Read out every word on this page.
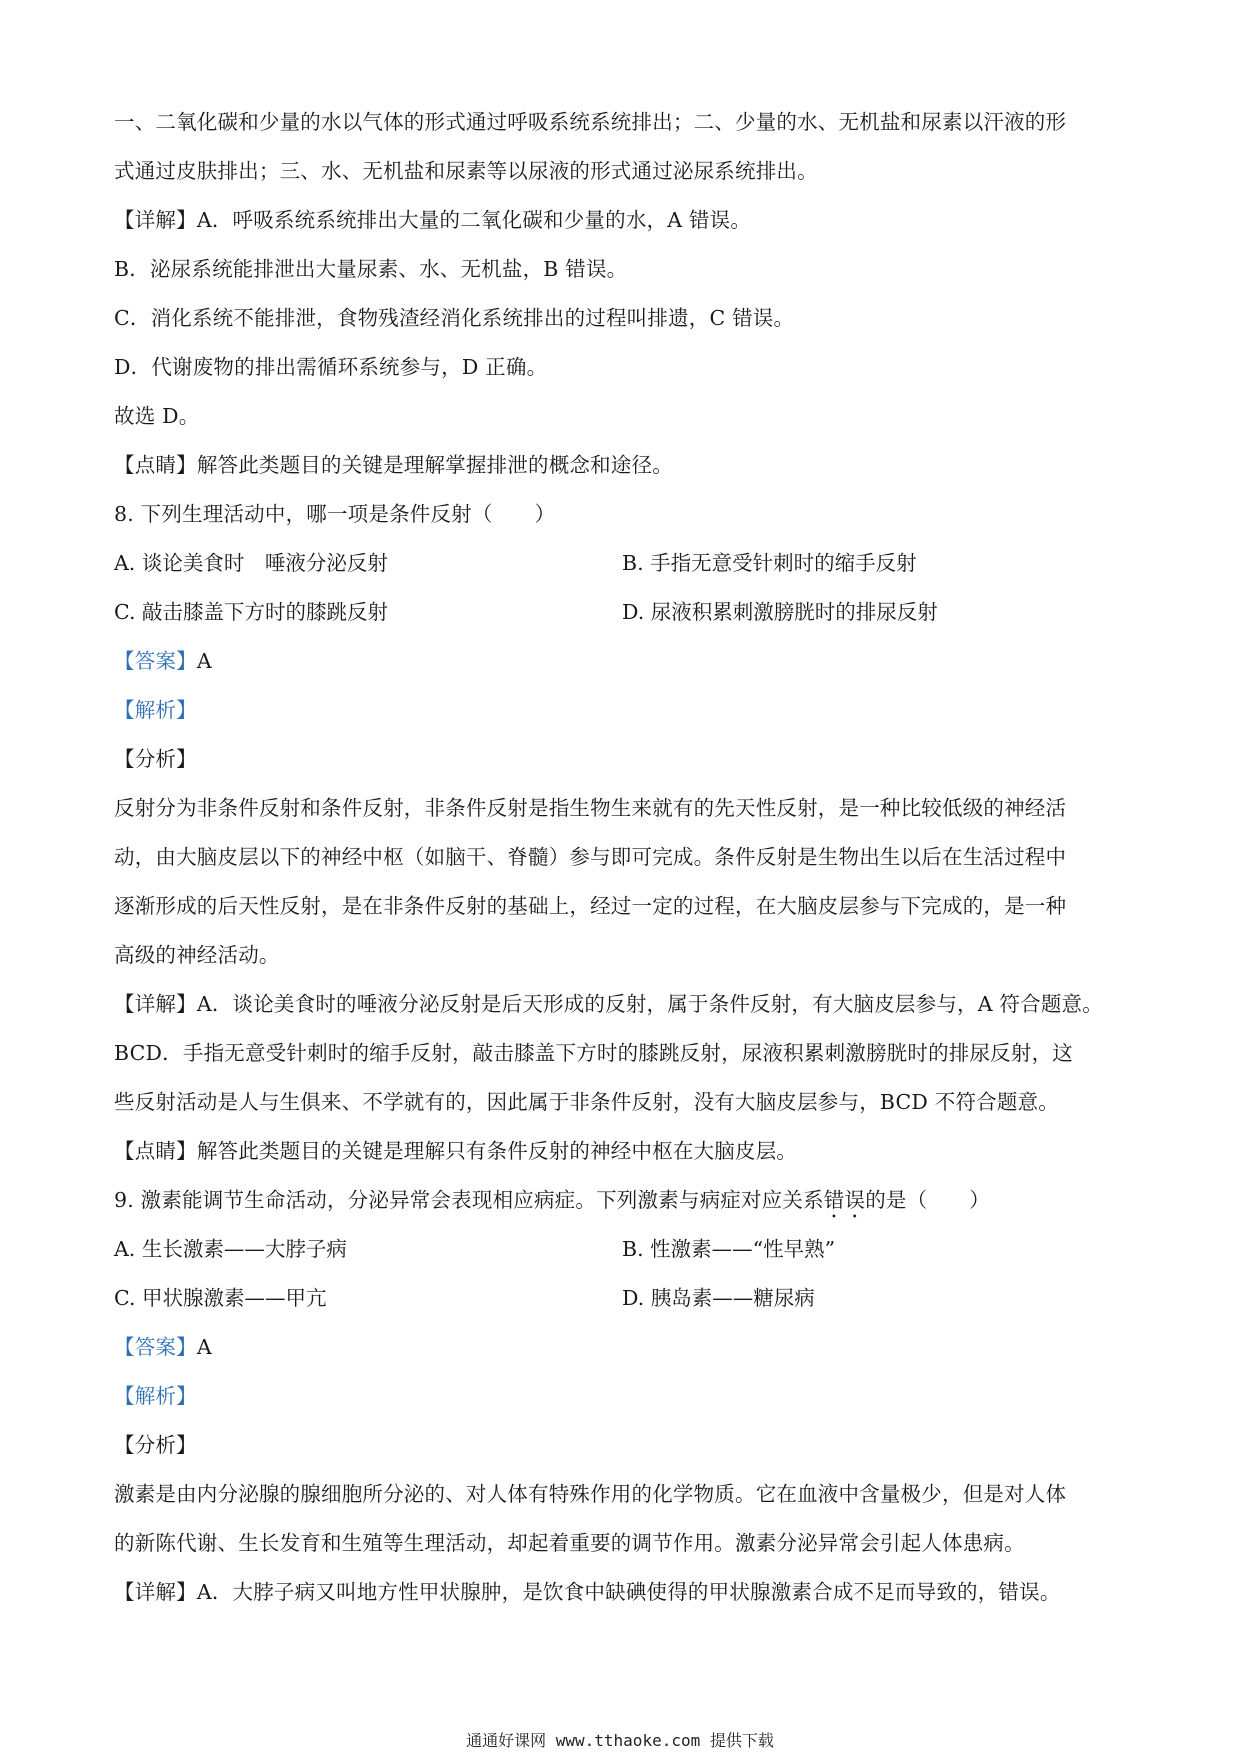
一、二氧化碳和少量的水以气体的形式通过呼吸系统系统排出；二、少量的水、无机盐和尿素以汗液的形
式通过皮肤排出；三、水、无机盐和尿素等以尿液的形式通过泌尿系统排出。
【详解】A．呼吸系统系统排出大量的二氧化碳和少量的水，A 错误。
B．泌尿系统能排泄出大量尿素、水、无机盐，B 错误。
C．消化系统不能排泄，食物残渣经消化系统排出的过程叫排遗，C 错误。
D．代谢废物的排出需循环系统参与，D 正确。
故选 D。
【点睛】解答此类题目的关键是理解掌握排泄的概念和途径。
8. 下列生理活动中，哪一项是条件反射（ ）
A. 谈论美食时　唾液分泌反射	B. 手指无意受针刺时的缩手反射
C. 敲击膝盖下方时的膝跳反射	D. 尿液积累刺激膀胱时的排尿反射
【答案】A
【解析】
【分析】
反射分为非条件反射和条件反射，非条件反射是指生物生来就有的先天性反射，是一种比较低级的神经活
动，由大脑皮层以下的神经中枢（如脑干、脊髓）参与即可完成。条件反射是生物出生以后在生活过程中
逐渐形成的后天性反射，是在非条件反射的基础上，经过一定的过程，在大脑皮层参与下完成的，是一种
高级的神经活动。
【详解】A．谈论美食时的唾液分泌反射是后天形成的反射，属于条件反射，有大脑皮层参与，A 符合题意。
BCD．手指无意受针刺时的缩手反射，敲击膝盖下方时的膝跳反射，尿液积累刺激膀胱时的排尿反射，这
些反射活动是人与生俱来、不学就有的，因此属于非条件反射，没有大脑皮层参与，BCD 不符合题意。
【点睛】解答此类题目的关键是理解只有条件反射的神经中枢在大脑皮层。
9. 激素能调节生命活动，分泌异常会表现相应病症。下列激素与病症对应关系错误的是（ ）
A. 生长激素——大脖子病	B. 性激素——“性早熟”
C. 甲状腺激素——甲亢	D. 胰岛素——糖尿病
【答案】A
【解析】
【分析】
激素是由内分泌腺的腺细胞所分泌的、对人体有特殊作用的化学物质。它在血液中含量极少，但是对人体
的新陈代谢、生长发育和生殖等生理活动，却起着重要的调节作用。激素分泌异常会引起人体患病。
【详解】A．大脖子病又叫地方性甲状腺肿，是饮食中缺碘使得的甲状腺激素合成不足而导致的，错误。
通通好课网 www.tthaoke.com 提供下载
